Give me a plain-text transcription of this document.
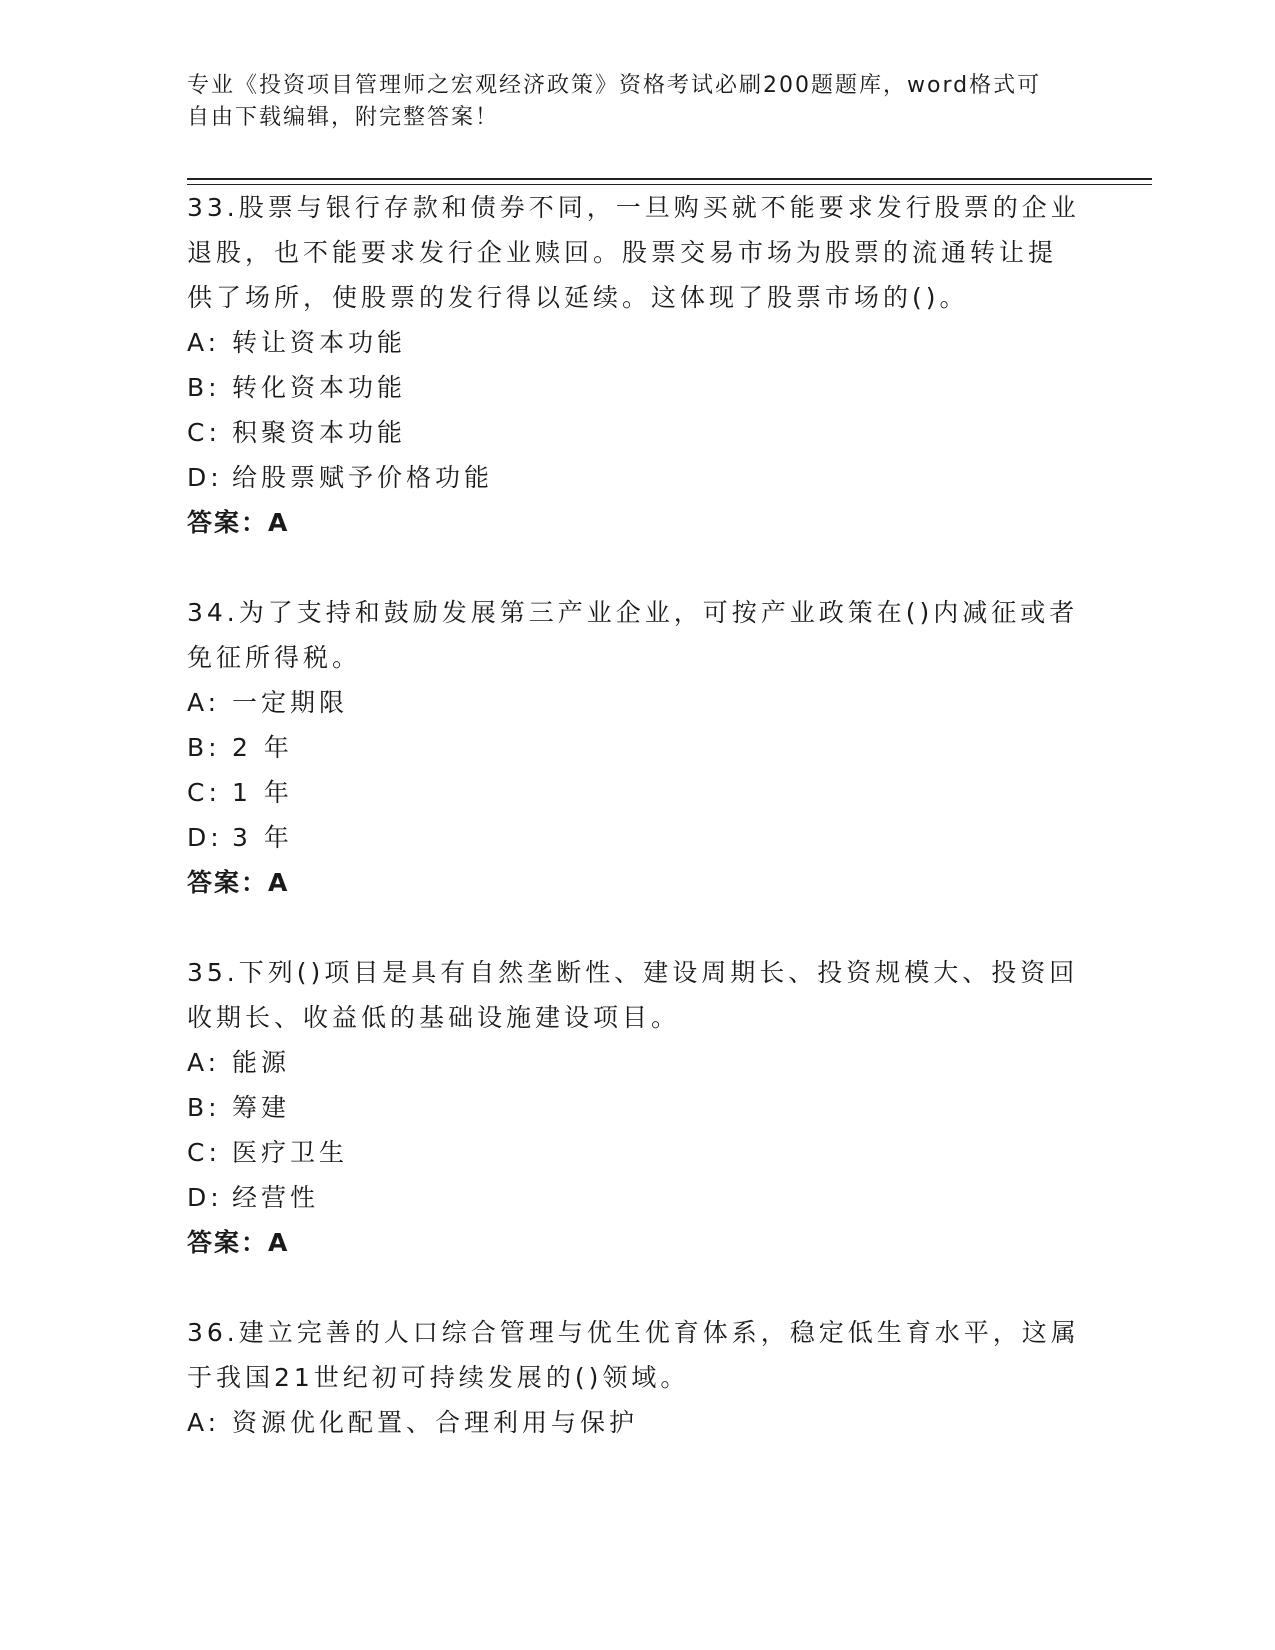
专业《投资项目管理师之宏观经济政策》资格考试必刷200题题库，word格式可
自由下载编辑，附完整答案！
33.股票与银行存款和债券不同，一旦购买就不能要求发行股票的企业
退股，也不能要求发行企业赎回。股票交易市场为股票的流通转让提
供了场所，使股票的发行得以延续。这体现了股票市场的()。
A: 转让资本功能
B: 转化资本功能
C: 积聚资本功能
D: 给股票赋予价格功能
答案：A
34.为了支持和鼓励发展第三产业企业，可按产业政策在()内减征或者
免征所得税。
A: 一定期限
B: 2 年
C: 1 年
D: 3 年
答案：A
35.下列()项目是具有自然垄断性、建设周期长、投资规模大、投资回
收期长、收益低的基础设施建设项目。
A: 能源
B: 筹建
C: 医疗卫生
D: 经营性
答案：A
36.建立完善的人口综合管理与优生优育体系，稳定低生育水平，这属
于我国21世纪初可持续发展的()领域。
A: 资源优化配置、合理利用与保护
